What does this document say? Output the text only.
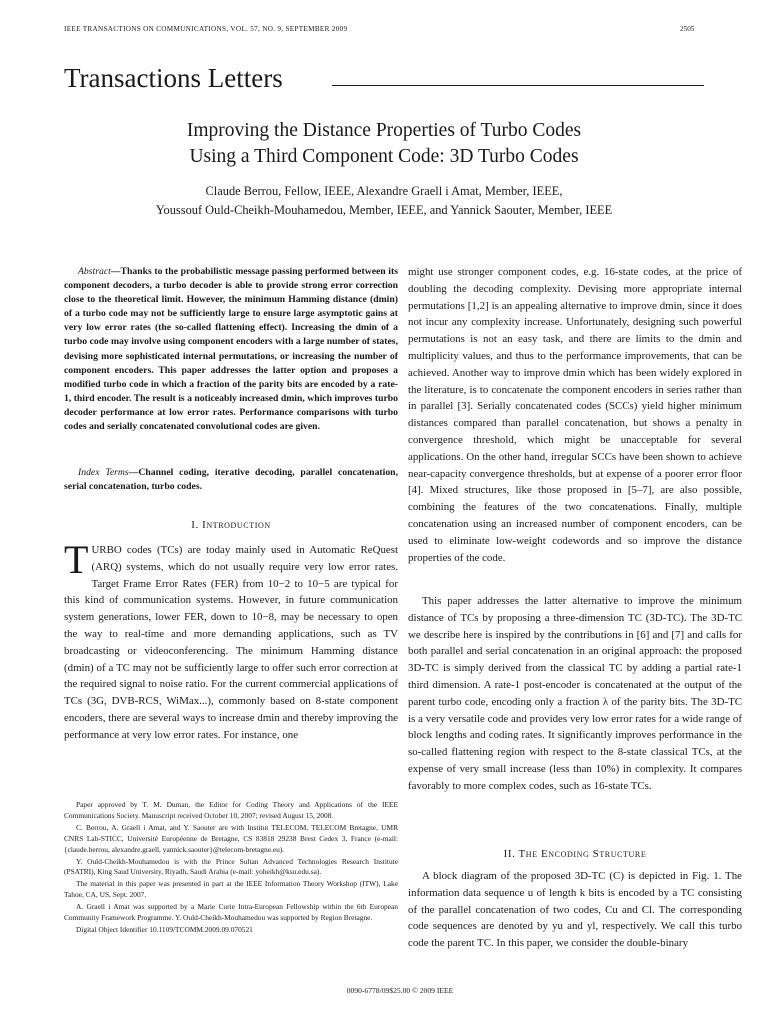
IEEE TRANSACTIONS ON COMMUNICATIONS, VOL. 57, NO. 9, SEPTEMBER 2009	2505
Transactions Letters
Improving the Distance Properties of Turbo Codes
Using a Third Component Code: 3D Turbo Codes
Claude Berrou, Fellow, IEEE, Alexandre Graell i Amat, Member, IEEE,
Youssouf Ould-Cheikh-Mouhamedou, Member, IEEE, and Yannick Saouter, Member, IEEE

Abstract—Thanks to the probabilistic message passing performed between its component decoders, a turbo decoder is able to provide strong error correction close to the theoretical limit. However, the minimum Hamming distance (dmin) of a turbo code may not be sufficiently large to ensure large asymptotic gains at very low error rates (the so-called flattening effect). Increasing the dmin of a turbo code may involve using component encoders with a large number of states, devising more sophisticated internal permutations, or increasing the number of component encoders. This paper addresses the latter option and proposes a modified turbo code in which a fraction of the parity bits are encoded by a rate-1, third encoder. The result is a noticeably increased dmin, which improves turbo decoder performance at low error rates. Performance comparisons with turbo codes and serially concatenated convolutional codes are given.

Index Terms—Channel coding, iterative decoding, parallel concatenation, serial concatenation, turbo codes.

I. Introduction

TURBO codes (TCs) are today mainly used in Automatic ReQuest (ARQ) systems, which do not usually require very low error rates. Target Frame Error Rates (FER) from 10−2 to 10−5 are typical for this kind of communication systems. However, in future communication system generations, lower FER, down to 10−8, may be necessary to open the way to real-time and more demanding applications, such as TV broadcasting or videoconferencing. The minimum Hamming distance (dmin) of a TC may not be sufficiently large to offer such error correction at the required signal to noise ratio. For the current commercial applications of TCs (3G, DVB-RCS, WiMax...), commonly based on 8-state component encoders, there are several ways to increase dmin and thereby improving the performance at very low error rates. For instance, one

Paper approved by T. M. Duman, the Editor for Coding Theory and Applications of the IEEE Communications Society. Manuscript received October 10, 2007; revised August 15, 2008.

C. Berrou, A. Graell i Amat, and Y. Saouter are with Institut TELECOM, TELECOM Bretagne, UMR CNRS Lab-STICC, Université Européenne de Bretagne, CS 83818 29238 Brest Cedex 3, France (e-mail: {claude.berrou, alexandre.graell, yannick.saouter}@telecom-bretagne.eu).

Y. Ould-Cheikh-Mouhamedou is with the Prince Sultan Advanced Technologies Research Institute (PSATRI), King Saud University, Riyadh, Saudi Arabia (e-mail: yoheikh@ksu.edu.sa).

The material in this paper was presented in part at the IEEE Information Theory Workshop (ITW), Lake Tahoe, CA, US, Sept. 2007.

A. Graell i Amat was supported by a Marie Curie Intra-European Fellowship within the 6th European Community Framework Programme. Y. Ould-Cheikh-Mouhamedou was supported by Region Bretagne.

Digital Object Identifier 10.1109/TCOMM.2009.09.070521

might use stronger component codes, e.g. 16-state codes, at the price of doubling the decoding complexity. Devising more appropriate internal permutations [1,2] is an appealing alternative to improve dmin, since it does not incur any complexity increase. Unfortunately, designing such powerful permutations is not an easy task, and there are limits to the dmin and multiplicity values, and thus to the performance improvements, that can be achieved. Another way to improve dmin which has been widely explored in the literature, is to concatenate the component encoders in series rather than in parallel [3]. Serially concatenated codes (SCCs) yield higher minimum distances compared than parallel concatenation, but shows a penalty in convergence threshold, which might be unacceptable for several applications. On the other hand, irregular SCCs have been shown to achieve near-capacity convergence thresholds, but at expense of a poorer error floor [4]. Mixed structures, like those proposed in [5–7], are also possible, combining the features of the two concatenations. Finally, multiple concatenation using an increased number of component encoders, can be used to eliminate low-weight codewords and so improve the distance properties of the code.

This paper addresses the latter alternative to improve the minimum distance of TCs by proposing a three-dimension TC (3D-TC). The 3D-TC we describe here is inspired by the contributions in [6] and [7] and calls for both parallel and serial concatenation in an original approach: the proposed 3D-TC is simply derived from the classical TC by adding a partial rate-1 third dimension. A rate-1 post-encoder is concatenated at the output of the parent turbo code, encoding only a fraction λ of the parity bits. The 3D-TC is a very versatile code and provides very low error rates for a wide range of block lengths and coding rates. It significantly improves performance in the so-called flattening region with respect to the 8-state classical TCs, at the expense of very small increase (less than 10%) in complexity. It compares favorably to more complex codes, such as 16-state TCs.

II. The Encoding Structure

A block diagram of the proposed 3D-TC (C) is depicted in Fig. 1. The information data sequence u of length k bits is encoded by a TC consisting of the parallel concatenation of two codes, Cu and Cl. The corresponding code sequences are denoted by yu and yl, respectively. We call this turbo code the parent TC. In this paper, we consider the double-binary

0090-6778/09$25.00 © 2009 IEEE
